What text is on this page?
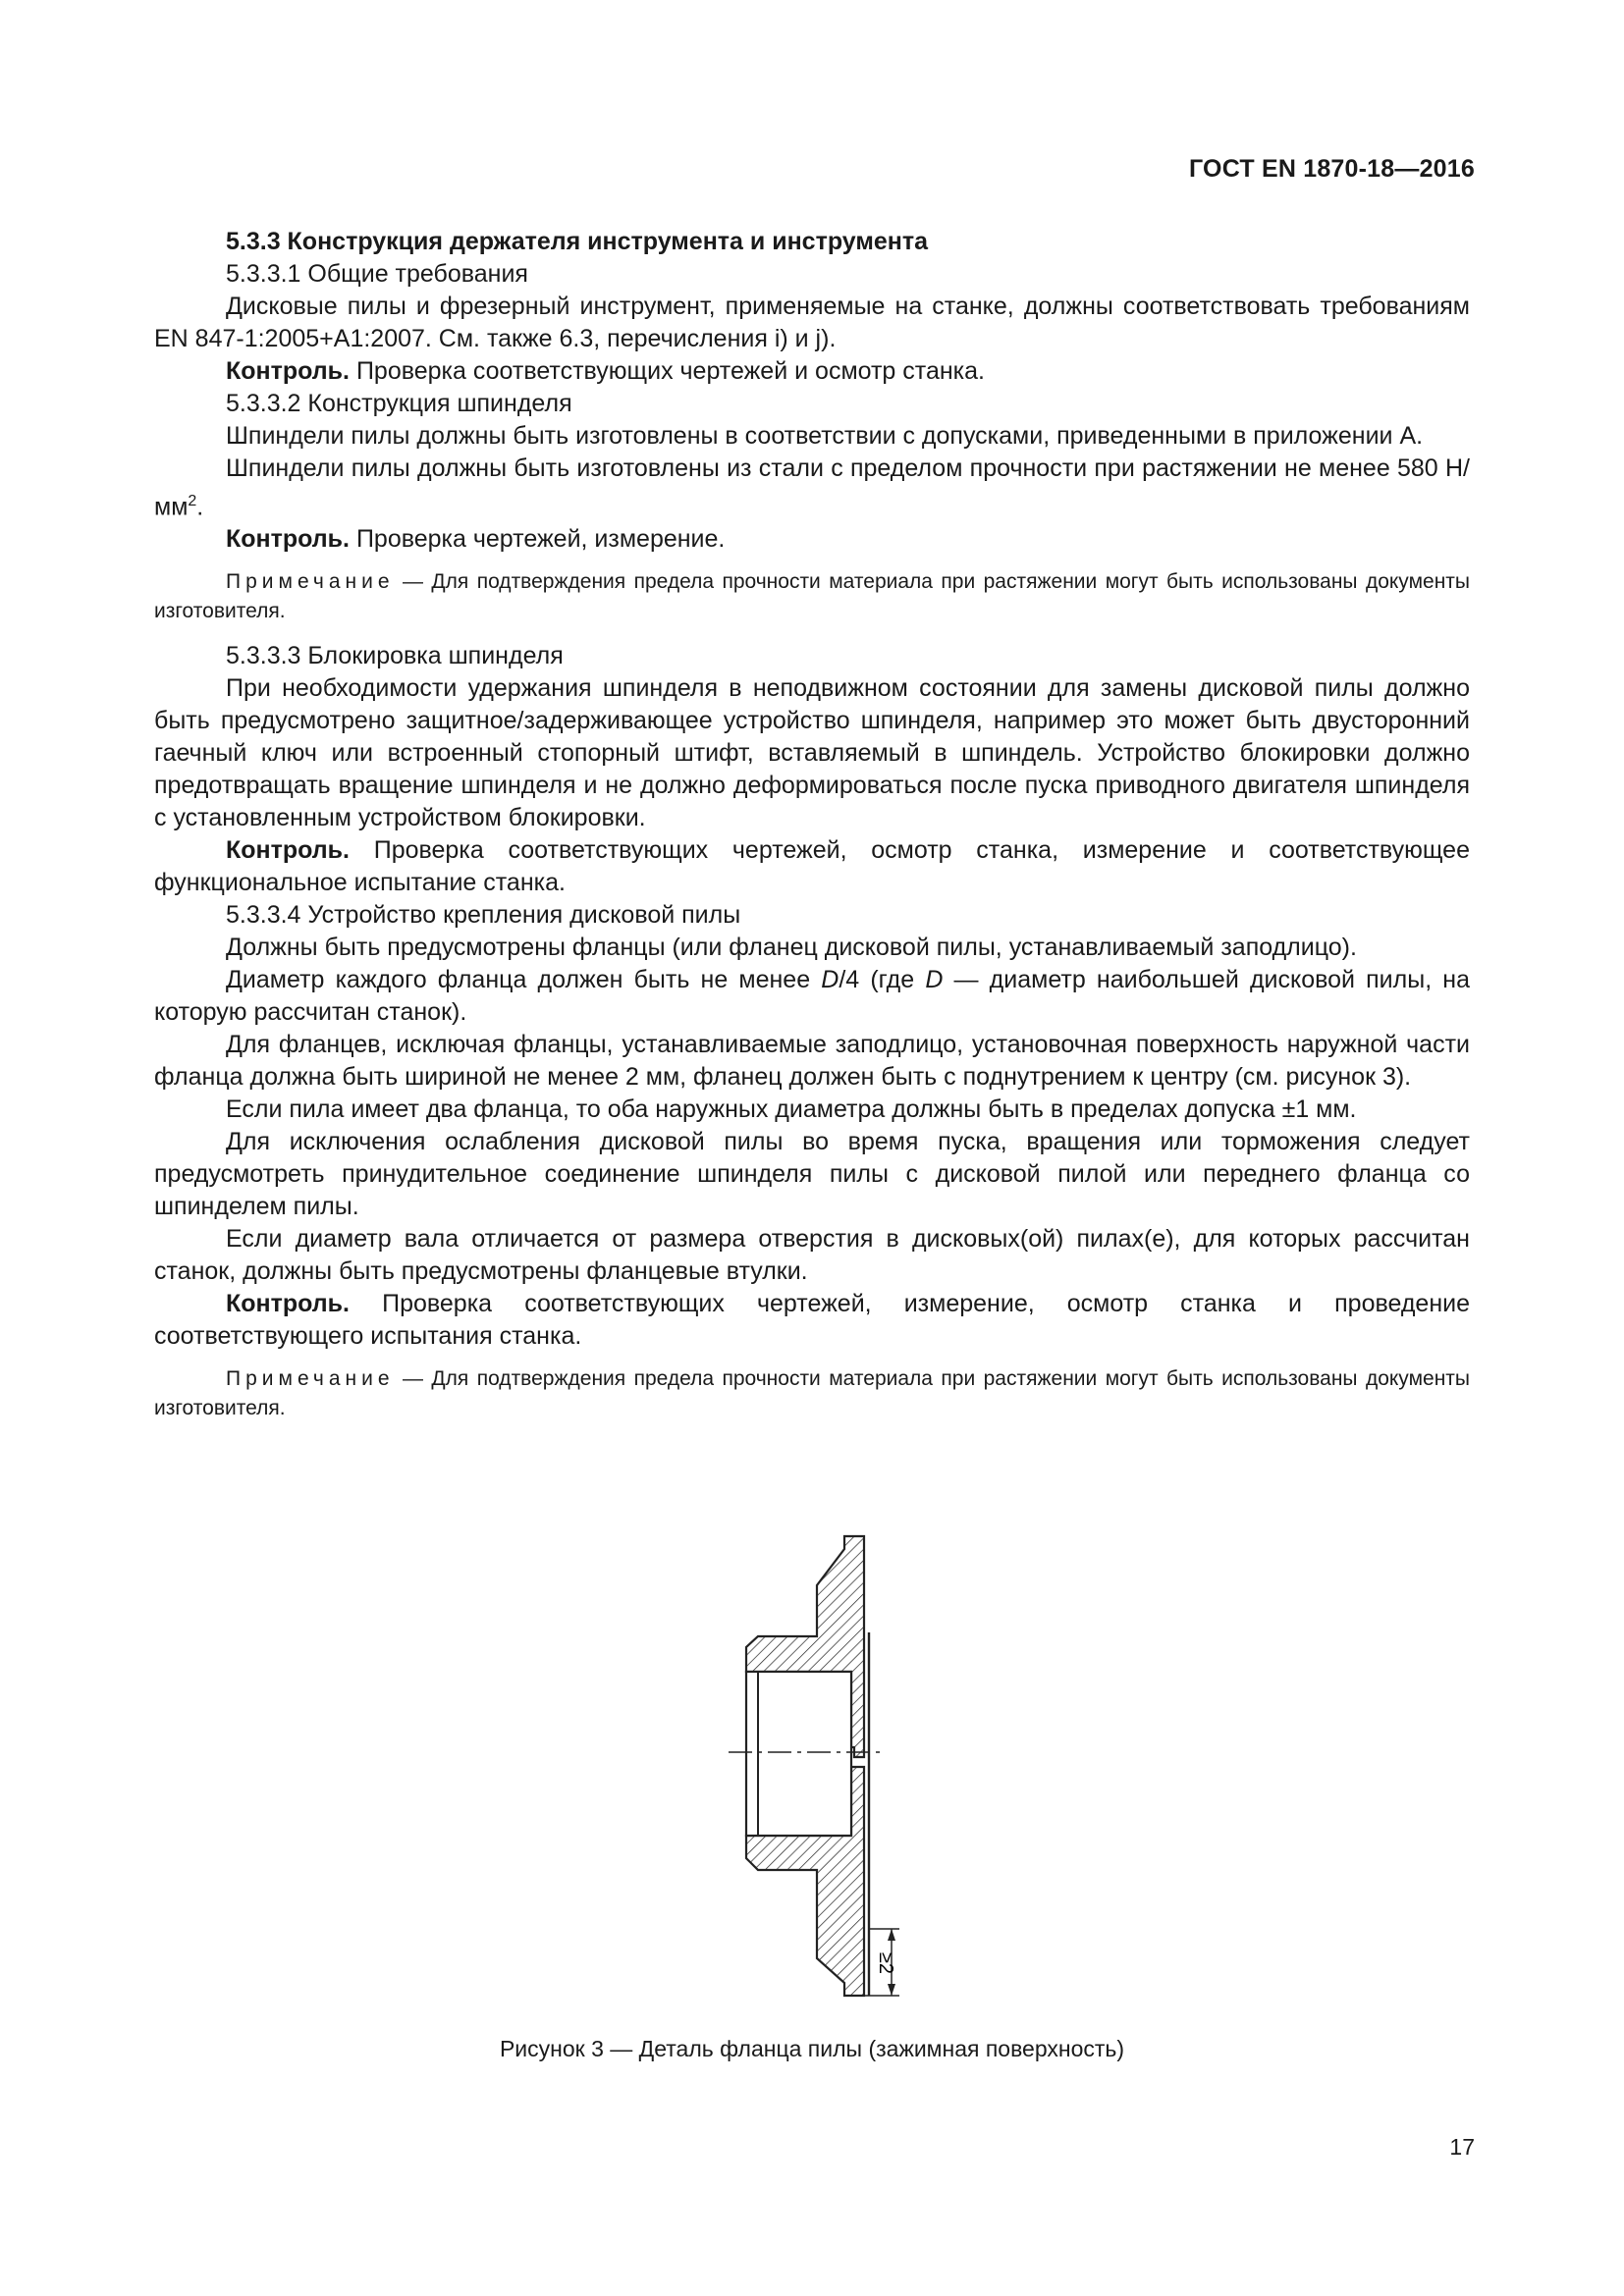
ГОСТ EN 1870-18—2016

5.3.3 Конструкция держателя инструмента и инструмента

5.3.3.1 Общие требования

Дисковые пилы и фрезерный инструмент, применяемые на станке, должны соответствовать требованиям EN 847-1:2005+A1:2007. См. также 6.3, перечисления i) и j).

Контроль. Проверка соответствующих чертежей и осмотр станка.

5.3.3.2 Конструкция шпинделя

Шпиндели пилы должны быть изготовлены в соответствии с допусками, приведенными в приложении А.

Шпиндели пилы должны быть изготовлены из стали с пределом прочности при растяжении не менее 580 $Н/мм^2$.

Контроль. Проверка чертежей, измерение.

Примечание — Для подтверждения предела прочности материала при растяжении могут быть использованы документы изготовителя.

5.3.3.3 Блокировка шпинделя

При необходимости удержания шпинделя в неподвижном состоянии для замены дисковой пилы должно быть предусмотрено защитное/задерживающее устройство шпинделя, например это может быть двусторонний гаечный ключ или встроенный стопорный штифт, вставляемый в шпиндель. Устройство блокировки должно предотвращать вращение шпинделя и не должно деформироваться после пуска приводного двигателя шпинделя с установленным устройством блокировки.

Контроль. Проверка соответствующих чертежей, осмотр станка, измерение и соответствующее функциональное испытание станка.

5.3.3.4 Устройство крепления дисковой пилы

Должны быть предусмотрены фланцы (или фланец дисковой пилы, устанавливаемый заподлицо).

Диаметр каждого фланца должен быть не менее D/4 (где D — диаметр наибольшей дисковой пилы, на которую рассчитан станок).

Для фланцев, исключая фланцы, устанавливаемые заподлицо, установочная поверхность наружной части фланца должна быть шириной не менее 2 мм, фланец должен быть с поднутрением к центру (см. рисунок 3).

Если пила имеет два фланца, то оба наружных диаметра должны быть в пределах допуска ±1 мм.

Для исключения ослабления дисковой пилы во время пуска, вращения или торможения следует предусмотреть принудительное соединение шпинделя пилы с дисковой пилой или переднего фланца со шпинделем пилы.

Если диаметр вала отличается от размера отверстия в дисковых(ой) пилах(е), для которых рассчитан станок, должны быть предусмотрены фланцевые втулки.

Контроль. Проверка соответствующих чертежей, измерение, осмотр станка и проведение соответствующего испытания станка.

Примечание — Для подтверждения предела прочности материала при растяжении могут быть использованы документы изготовителя.

≥2
Рисунок 3 — Деталь фланца пилы (зажимная поверхность)
17
